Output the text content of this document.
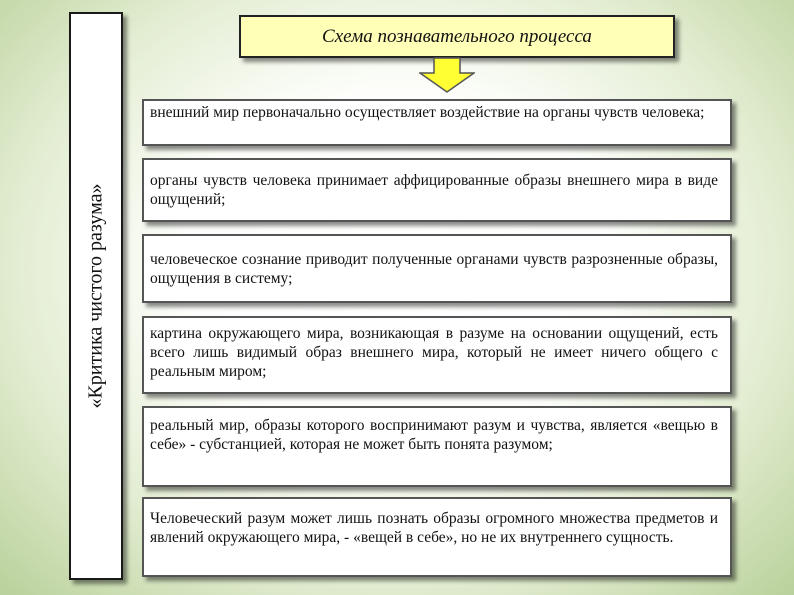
«Критика чистого разума»
Схема познавательного процесса
внешний мир первоначально осуществляет воздействие на органы чувств человека;
органы чувств человека принимает аффицированные образы внешнего мира в виде ощущений;
человеческое сознание приводит полученные органами чувств разрозненные образы, ощущения в систему;
картина окружающего мира, возникающая в разуме на основании ощущений, есть всего лишь видимый образ внешнего мира, который не имеет ничего общего с реальным миром;
реальный мир, образы которого воспринимают разум и чувства, является «вещью в себе» - субстанцией, которая не может быть понята разумом;
Человеческий разум может лишь познать образы огромного множества предметов и явлений окружающего мира, - «вещей в себе», но не их внутреннего сущность.
